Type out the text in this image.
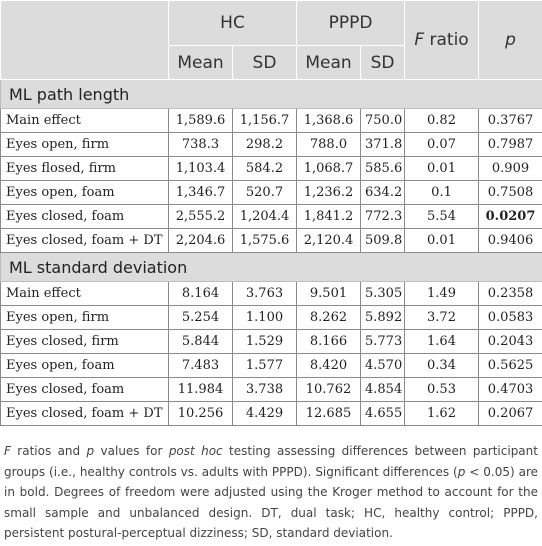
	HC		PPPD		F ratio	p
	Mean	SD	Mean	SD		
ML path length						
Main effect	1,589.6	1,156.7	1,368.6	750.0	0.82	0.3767
Eyes open, firm	738.3	298.2	788.0	371.8	0.07	0.7987
Eyes flosed, firm	1,103.4	584.2	1,068.7	585.6	0.01	0.909
Eyes open, foam	1,346.7	520.7	1,236.2	634.2	0.1	0.7508
Eyes closed, foam	2,555.2	1,204.4	1,841.2	772.3	5.54	0.0207
Eyes closed, foam + DT	2,204.6	1,575.6	2,120.4	509.8	0.01	0.9406
ML standard deviation						
Main effect	8.164	3.763	9.501	5.305	1.49	0.2358
Eyes open, firm	5.254	1.100	8.262	5.892	3.72	0.0583
Eyes closed, firm	5.844	1.529	8.166	5.773	1.64	0.2043
Eyes open, foam	7.483	1.577	8.420	4.570	0.34	0.5625
Eyes closed, foam	11.984	3.738	10.762	4.854	0.53	0.4703
Eyes closed, foam + DT	10.256	4.429	12.685	4.655	1.62	0.2067
F ratios and p values for post hoc testing assessing differences between participant groups (i.e., healthy controls vs. adults with PPPD). Significant differences (p < 0.05) are in bold. Degrees of freedom were adjusted using the Kroger method to account for the small sample and unbalanced design. DT, dual task; HC, healthy control; PPPD, persistent postural-perceptual dizziness; SD, standard deviation.
